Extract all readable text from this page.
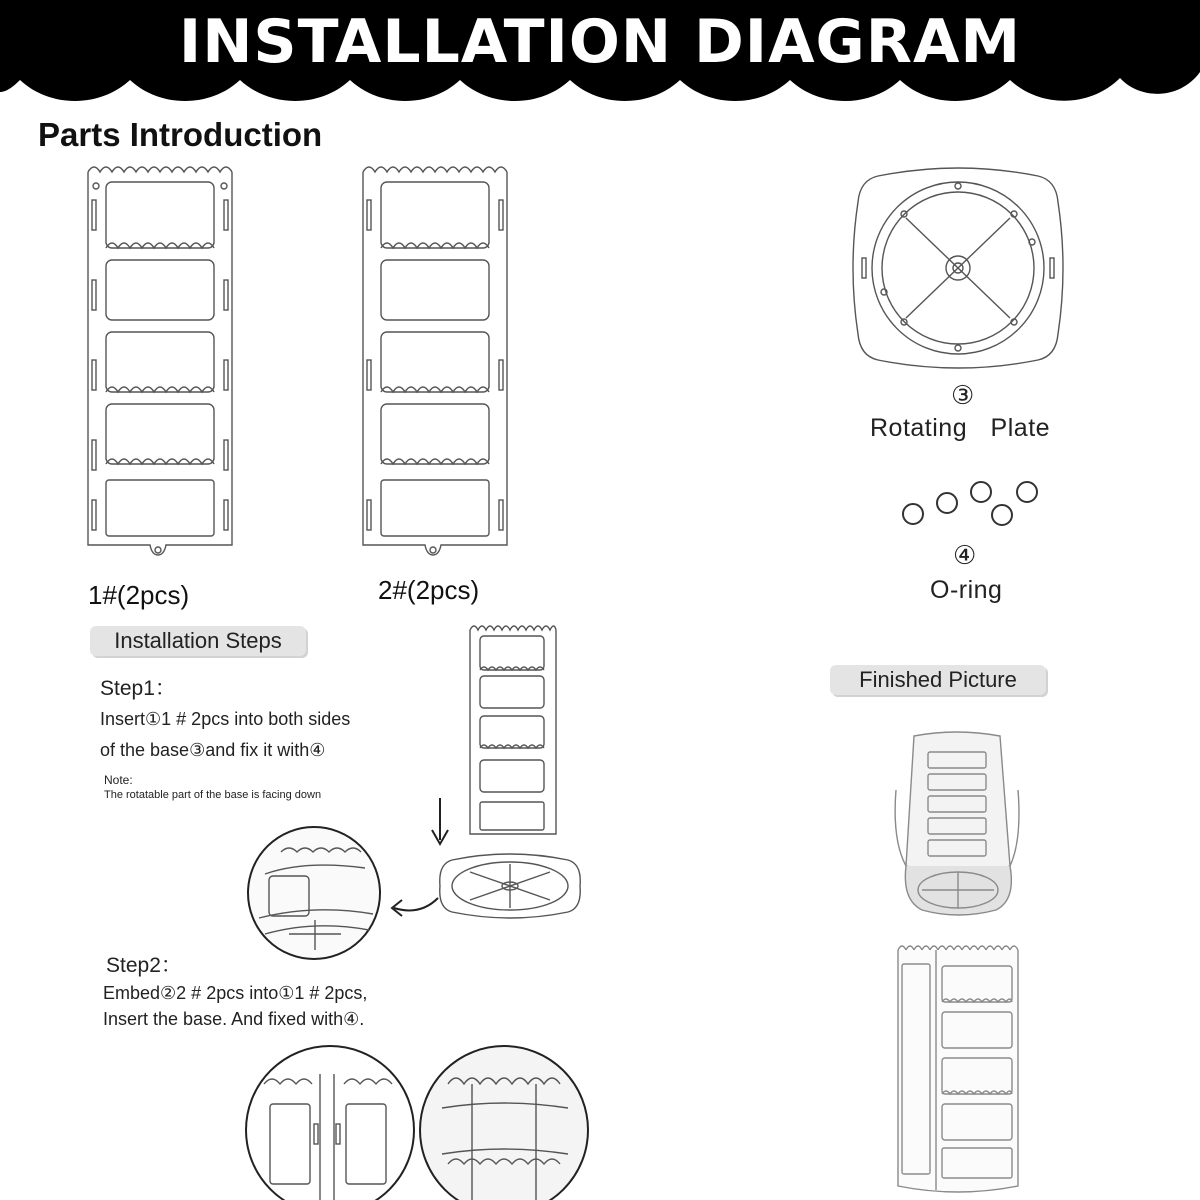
INSTALLATION DIAGRAM
Parts Introduction
1#(2pcs)	2#(2pcs)
③
Rotating Plate
④
O-ring
Installation Steps
Step1：
Insert①1 # 2pcs into both sides
of the base③and fix it with④
Note:
The rotatable part of the base is facing down
Step2：
Embed②2 # 2pcs into①1 # 2pcs,
Insert the base. And fixed with④.
Finished Picture
